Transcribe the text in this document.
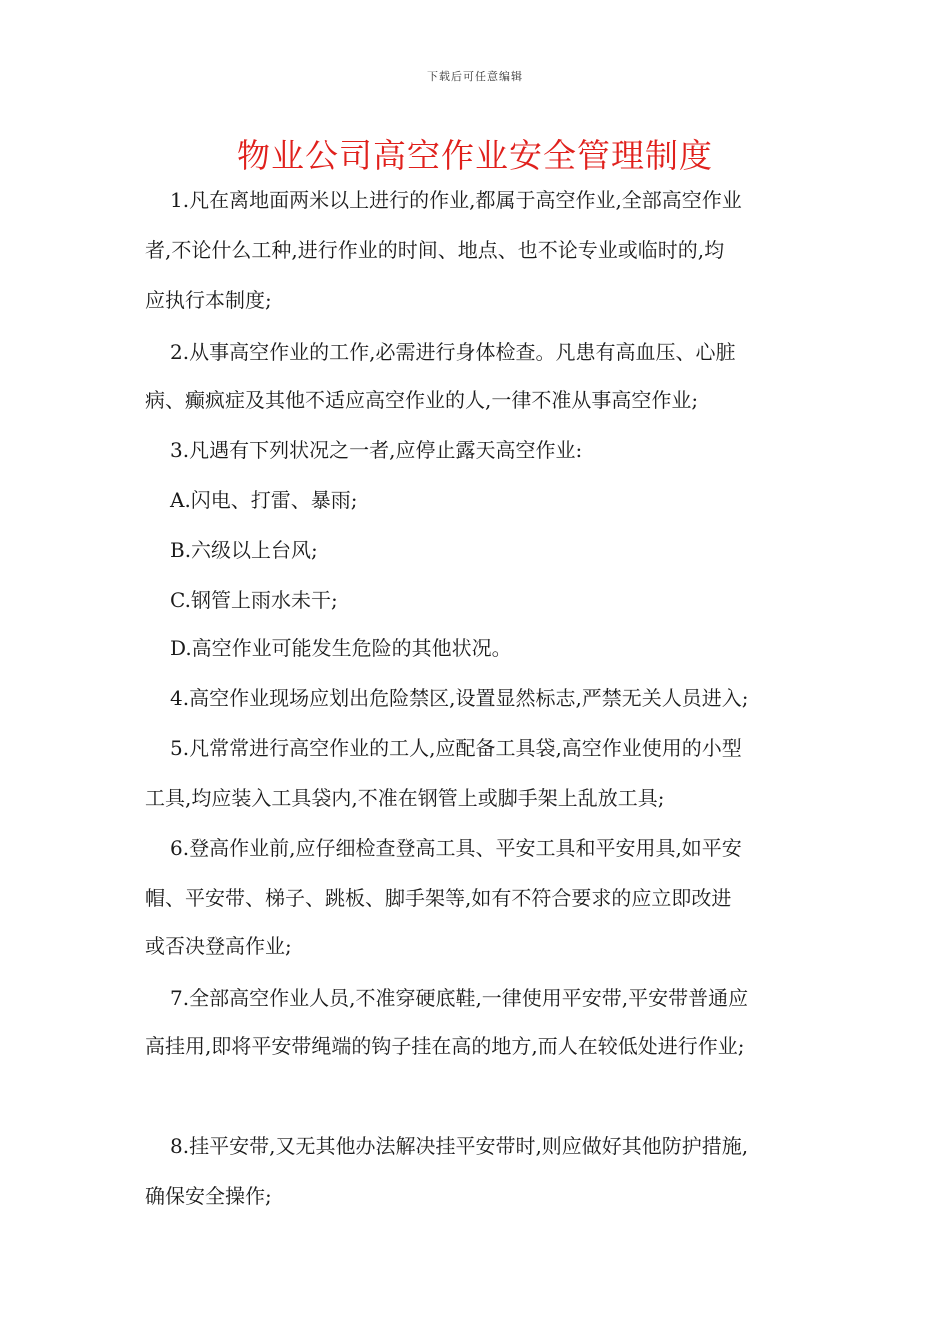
下载后可任意编辑
物业公司高空作业安全管理制度
1.凡在离地面两米以上进行的作业,都属于高空作业,全部高空作业
者,不论什么工种,进行作业的时间、地点、也不论专业或临时的,均
应执行本制度;
2.从事高空作业的工作,必需进行身体检查。凡患有高血压、心脏
病、癫疯症及其他不适应高空作业的人,一律不准从事高空作业;
3.凡遇有下列状况之一者,应停止露天高空作业:
A.闪电、打雷、暴雨;
B.六级以上台风;
C.钢管上雨水未干;
D.高空作业可能发生危险的其他状况。
4.高空作业现场应划出危险禁区,设置显然标志,严禁无关人员进入;
5.凡常常进行高空作业的工人,应配备工具袋,高空作业使用的小型
工具,均应装入工具袋内,不准在钢管上或脚手架上乱放工具;
6.登高作业前,应仔细检查登高工具、平安工具和平安用具,如平安
帽、平安带、梯子、跳板、脚手架等,如有不符合要求的应立即改进
或否决登高作业;
7.全部高空作业人员,不准穿硬底鞋,一律使用平安带,平安带普通应
高挂用,即将平安带绳端的钩子挂在高的地方,而人在较低处进行作业;
8.挂平安带,又无其他办法解决挂平安带时,则应做好其他防护措施,
确保安全操作;
